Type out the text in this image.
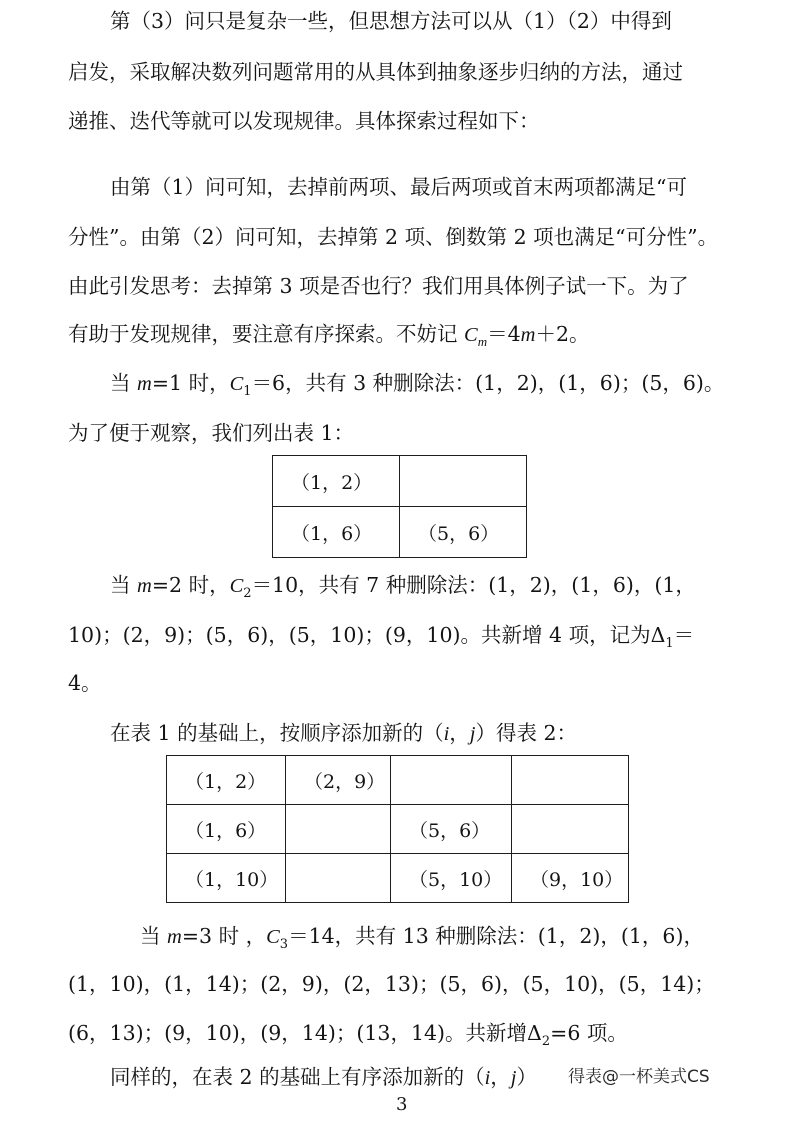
第（3）问只是复杂一些，但思想方法可以从（1）（2）中得到
启发，采取解决数列问题常用的从具体到抽象逐步归纳的方法，通过
递推、迭代等就可以发现规律。具体探索过程如下：
由第（1）问可知，去掉前两项、最后两项或首末两项都满足“可
分性”。由第（2）问可知，去掉第 2 项、倒数第 2 项也满足“可分性”。
由此引发思考：去掉第 3 项是否也行？我们用具体例子试一下。为了
有助于发现规律，要注意有序探索。不妨记 $C_m=4m+2$。
当 m=1 时，$C_1=6$，共有 3 种删除法：(1，2)，(1，6)；(5，6)。
为了便于观察，我们列出表 1：
（1，2）	
（1，6）	（5，6）
当 m=2 时，$C_2=10$，共有 7 种删除法：(1，2)，(1，6)，(1，
10)；(2，9)；(5，6)，(5，10)；(9，10)。共新增 4 项，记为$\Delta_1=$
4。
在表 1 的基础上，按顺序添加新的（i，j）得表 2：
（1，2）	（2，9）		
（1，6）		（5，6）	
（1，10）		（5，10）	（9，10）
当 m=3 时 ，$C_3=14$，共有 13 种删除法：(1，2)，(1，6)，
(1，10)，(1，14)；(2，9)，(2，13)；(5，6)，(5，10)，(5，14)；
(6，13)；(9，10)，(9，14)；(13，14)。共新增$\Delta_2=6$ 项。
同样的，在表 2 的基础上有序添加新的（i，j） 得表@一杯美式CS
3
